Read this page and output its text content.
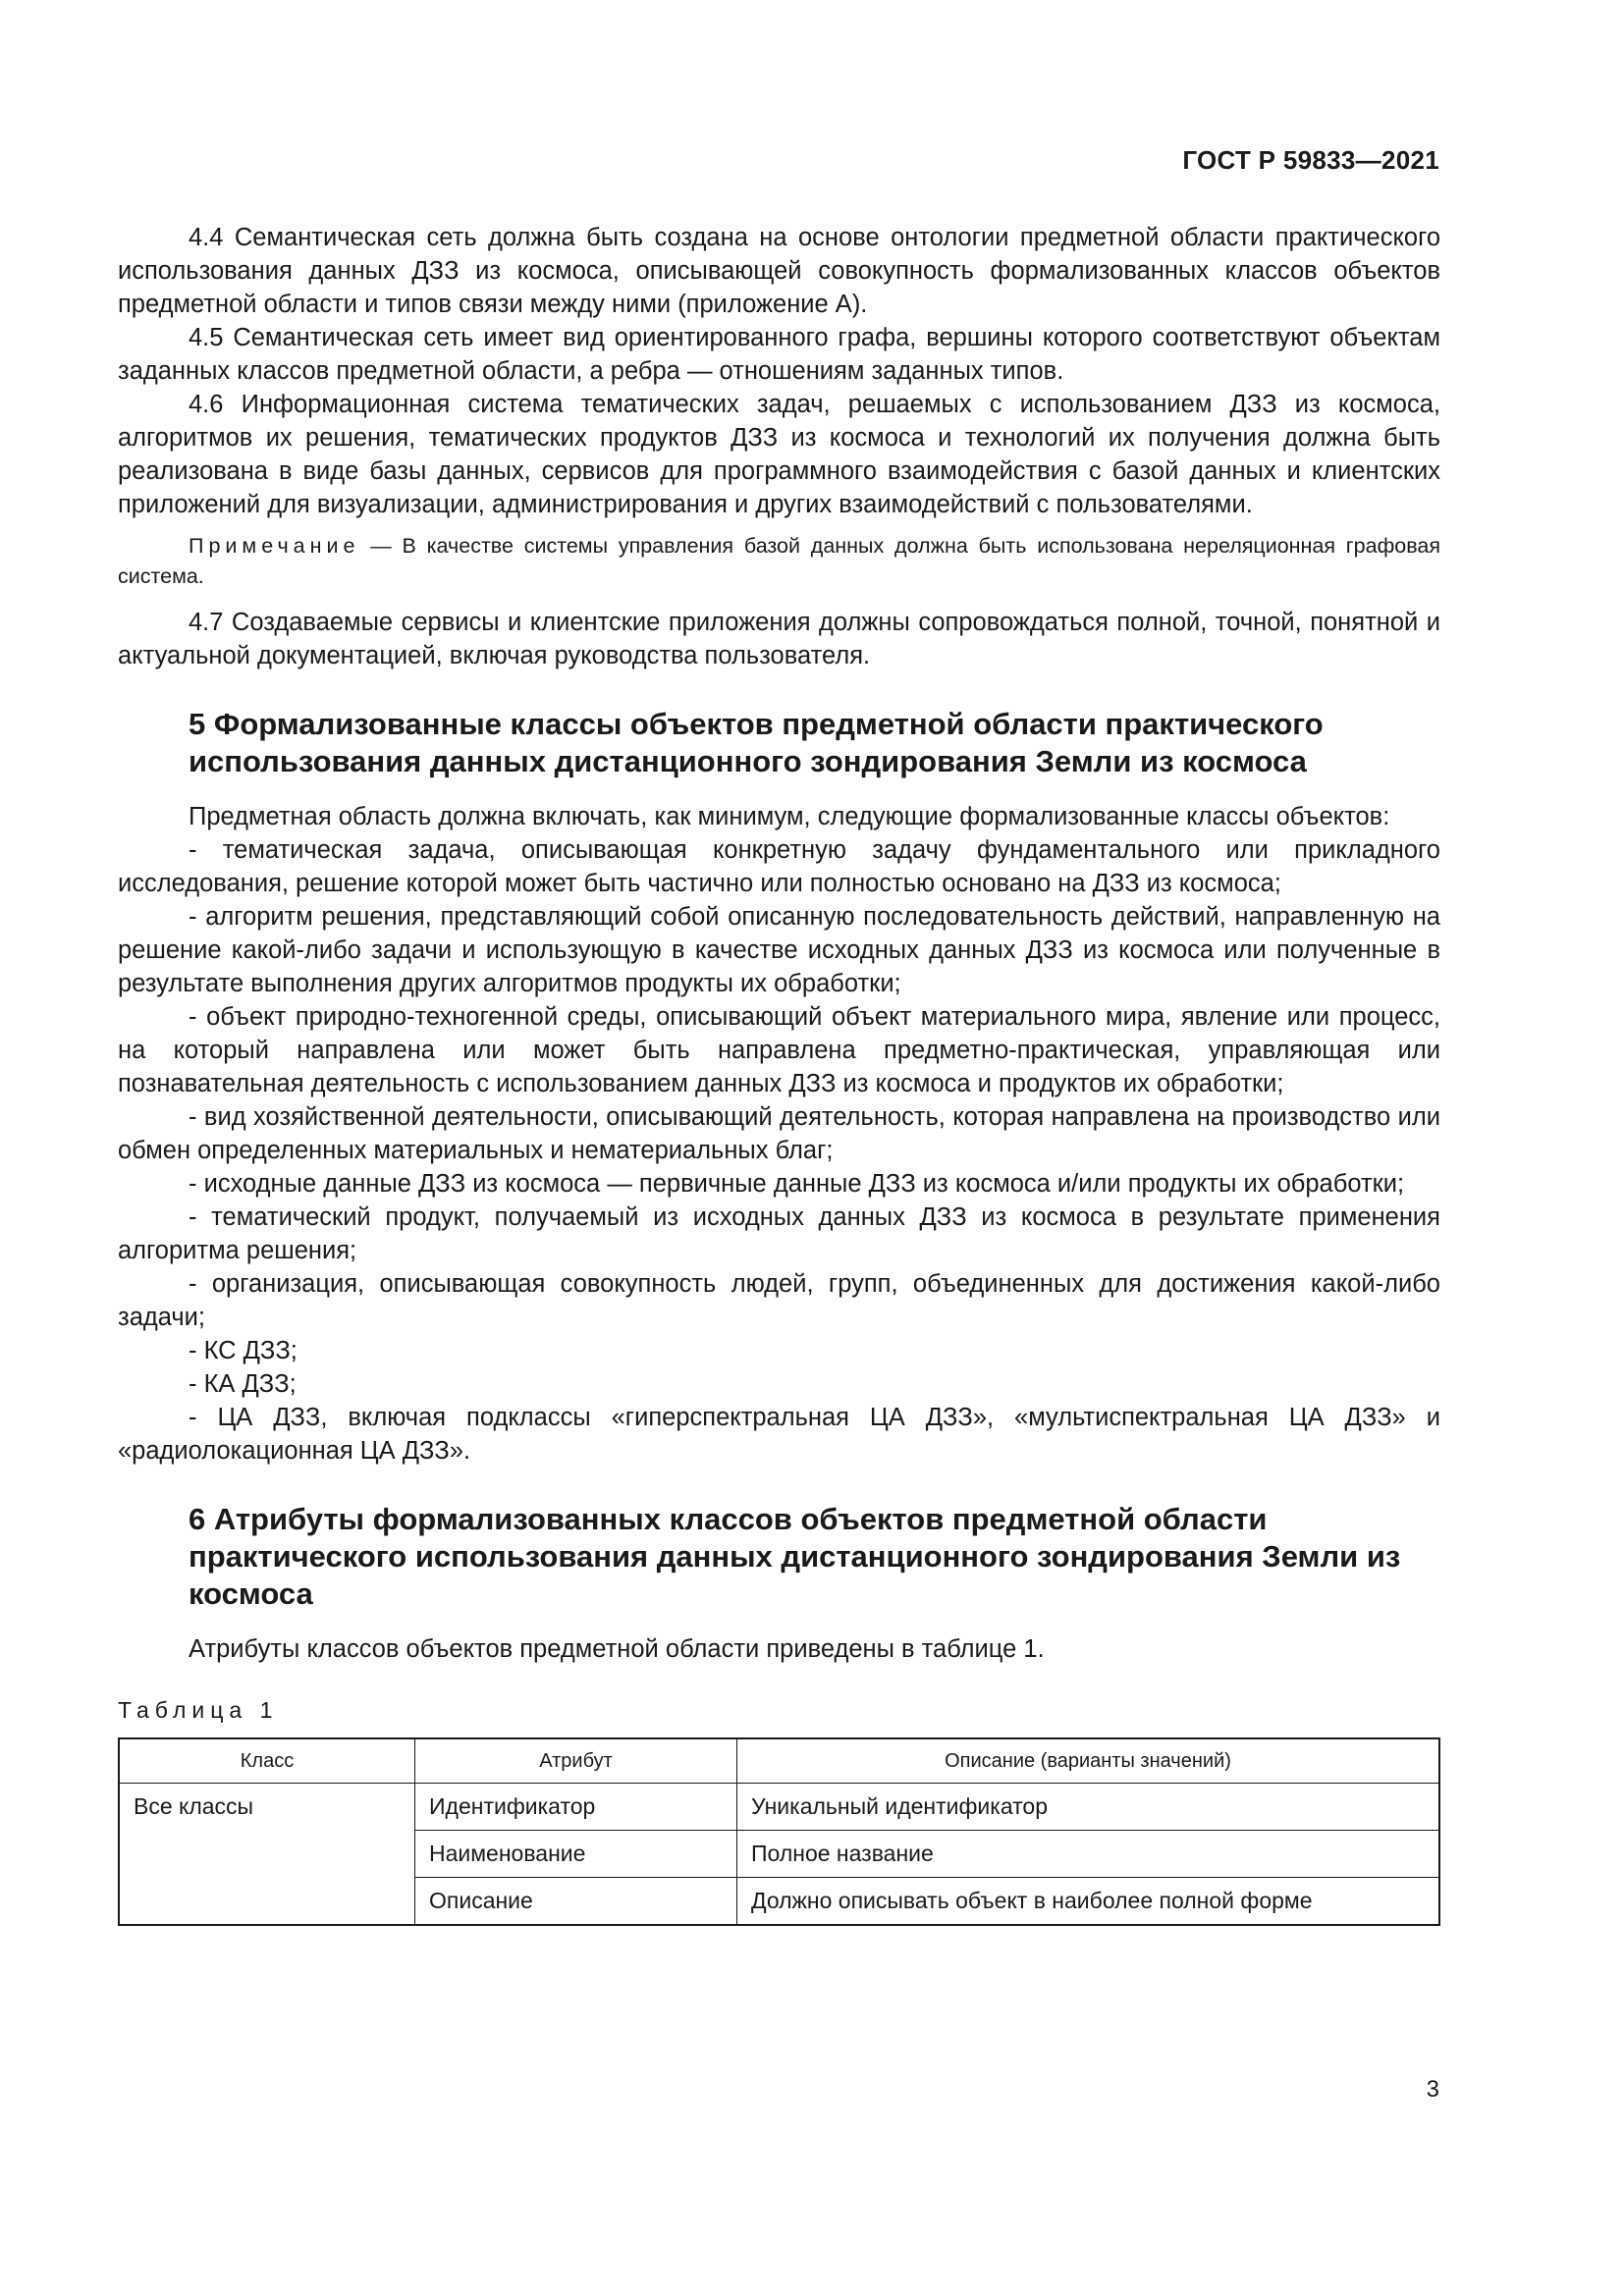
ГОСТ Р 59833—2021

4.4 Семантическая сеть должна быть создана на основе онтологии предметной области практического использования данных ДЗЗ из космоса, описывающей совокупность формализованных классов объектов предметной области и типов связи между ними (приложение А).

4.5 Семантическая сеть имеет вид ориентированного графа, вершины которого соответствуют объектам заданных классов предметной области, а ребра — отношениям заданных типов.

4.6 Информационная система тематических задач, решаемых с использованием ДЗЗ из космоса, алгоритмов их решения, тематических продуктов ДЗЗ из космоса и технологий их получения должна быть реализована в виде базы данных, сервисов для программного взаимодействия с базой данных и клиентских приложений для визуализации, администрирования и других взаимодействий с пользователями.

Примечание — В качестве системы управления базой данных должна быть использована нереляционная графовая система.

4.7 Создаваемые сервисы и клиентские приложения должны сопровождаться полной, точной, понятной и актуальной документацией, включая руководства пользователя.

5 Формализованные классы объектов предметной области практического использования данных дистанционного зондирования Земли из космоса

Предметная область должна включать, как минимум, следующие формализованные классы объектов:

- тематическая задача, описывающая конкретную задачу фундаментального или прикладного исследования, решение которой может быть частично или полностью основано на ДЗЗ из космоса;

- алгоритм решения, представляющий собой описанную последовательность действий, направленную на решение какой-либо задачи и использующую в качестве исходных данных ДЗЗ из космоса или полученные в результате выполнения других алгоритмов продукты их обработки;

- объект природно-техногенной среды, описывающий объект материального мира, явление или процесс, на который направлена или может быть направлена предметно-практическая, управляющая или познавательная деятельность с использованием данных ДЗЗ из космоса и продуктов их обработки;

- вид хозяйственной деятельности, описывающий деятельность, которая направлена на производство или обмен определенных материальных и нематериальных благ;

- исходные данные ДЗЗ из космоса — первичные данные ДЗЗ из космоса и/или продукты их обработки;

- тематический продукт, получаемый из исходных данных ДЗЗ из космоса в результате применения алгоритма решения;

- организация, описывающая совокупность людей, групп, объединенных для достижения какой-либо задачи;

- КС ДЗЗ;

- КА ДЗЗ;

- ЦА ДЗЗ, включая подклассы «гиперспектральная ЦА ДЗЗ», «мультиспектральная ЦА ДЗЗ» и «радиолокационная ЦА ДЗЗ».

6 Атрибуты формализованных классов объектов предметной области практического использования данных дистанционного зондирования Земли из космоса

Атрибуты классов объектов предметной области приведены в таблице 1.

Таблица 1
Класс	Атрибут	Описание (варианты значений)
Все классы	Идентификатор	Уникальный идентификатор
	Наименование	Полное название
	Описание	Должно описывать объект в наиболее полной форме
3
